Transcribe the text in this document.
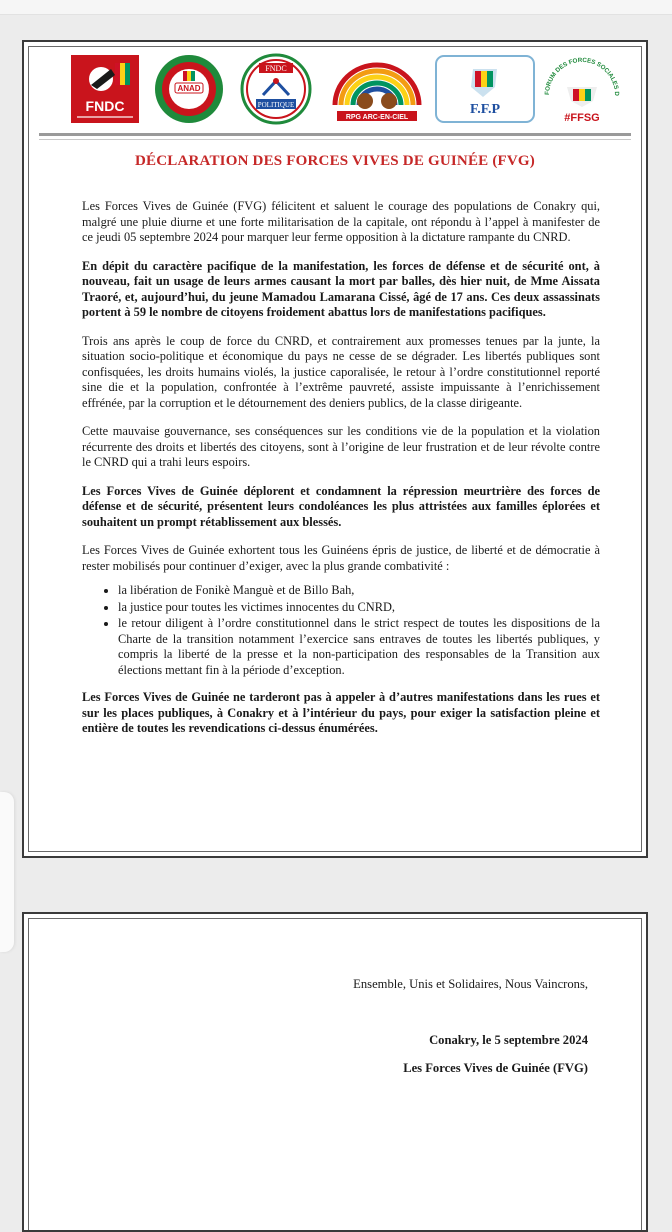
FNDC
ANAD
FNDC
POLITIQUE
RPG ARC-EN-CIEL
F.F.P
FORUM DES FORCES SOCIALES D
#FFSG
DÉCLARATION DES FORCES VIVES DE GUINÉE (FVG)

Les Forces Vives de Guinée (FVG) félicitent et saluent le courage des populations de Conakry qui, malgré une pluie diurne et une forte militarisation de la capitale, ont répondu à l’appel à manifester de ce jeudi 05 septembre 2024 pour marquer leur ferme opposition à la dictature rampante du CNRD.

En dépit du caractère pacifique de la manifestation, les forces de défense et de sécurité ont, à nouveau, fait un usage de leurs armes causant la mort par balles, dès hier nuit, de Mme Aissata Traoré, et, aujourd’hui, du jeune Mamadou Lamarana Cissé, âgé de 17 ans. Ces deux assassinats portent à 59 le nombre de citoyens froidement abattus lors de manifestations pacifiques.

Trois ans après le coup de force du CNRD, et contrairement aux promesses tenues par la junte, la situation socio-politique et économique du pays ne cesse de se dégrader. Les libertés publiques sont confisquées, les droits humains violés, la justice caporalisée, le retour à l’ordre constitutionnel reporté sine die et la population, confrontée à l’extrême pauvreté, assiste impuissante à l’enrichissement effrénée, par la corruption et le détournement des deniers publics, de la classe dirigeante.

Cette mauvaise gouvernance, ses conséquences sur les conditions vie de la population et la violation récurrente des droits et libertés des citoyens, sont à l’origine de leur frustration et de leur révolte contre le CNRD qui a trahi leurs espoirs.

Les Forces Vives de Guinée déplorent et condamnent la répression meurtrière des forces de défense et de sécurité, présentent leurs condoléances les plus attristées aux familles éplorées et souhaitent un prompt rétablissement aux blessés.

Les Forces Vives de Guinée exhortent tous les Guinéens épris de justice, de liberté et de démocratie à rester mobilisés pour continuer d’exiger, avec la plus grande combativité :

• la libération de Fonikè Manguè et de Billo Bah,
• la justice pour toutes les victimes innocentes du CNRD,
• le retour diligent à l’ordre constitutionnel dans le strict respect de toutes les dispositions de la Charte de la transition notamment l’exercice sans entraves de toutes les libertés publiques, y compris la liberté de la presse et la non-participation des responsables de la Transition aux élections mettant fin à la période d’exception.

Les Forces Vives de Guinée ne tarderont pas à appeler à d’autres manifestations dans les rues et sur les places publiques, à Conakry et à l’intérieur du pays, pour exiger la satisfaction pleine et entière de toutes les revendications ci-dessus énumérées.

Ensemble, Unis et Solidaires, Nous Vaincrons,
Conakry, le 5 septembre 2024
Les Forces Vives de Guinée (FVG)
